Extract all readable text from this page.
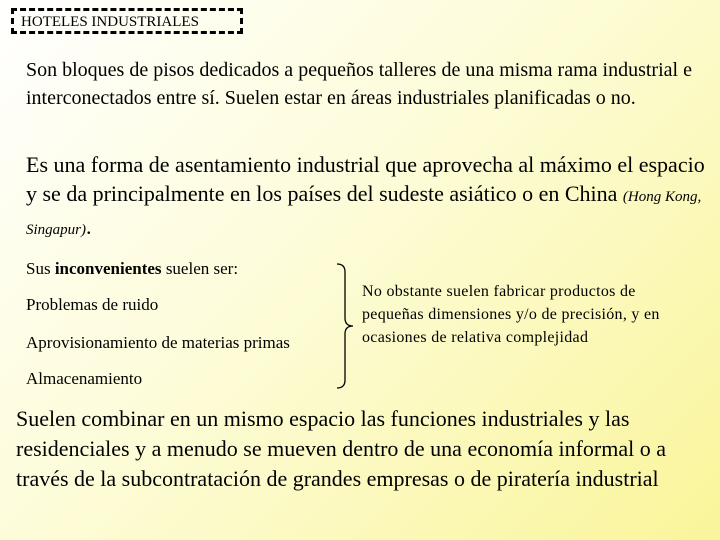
HOTELES INDUSTRIALES

Son bloques de pisos dedicados a pequeños talleres de una misma rama industrial e interconectados entre sí. Suelen estar en áreas industriales planificadas o no.

Es una forma de asentamiento industrial que aprovecha al máximo el espacio y se da principalmente en los países del sudeste asiático o en China (Hong Kong, Singapur).

Sus inconvenientes suelen ser:
Problemas de ruido
Aprovisionamiento de materias primas
Almacenamiento
No obstante suelen fabricar productos de pequeñas dimensiones y/o de precisión, y en ocasiones de relativa complejidad

Suelen combinar en un mismo espacio las funciones industriales y las residenciales y a menudo se mueven dentro de una economía informal o a través de la subcontratación de grandes empresas o de piratería industrial
